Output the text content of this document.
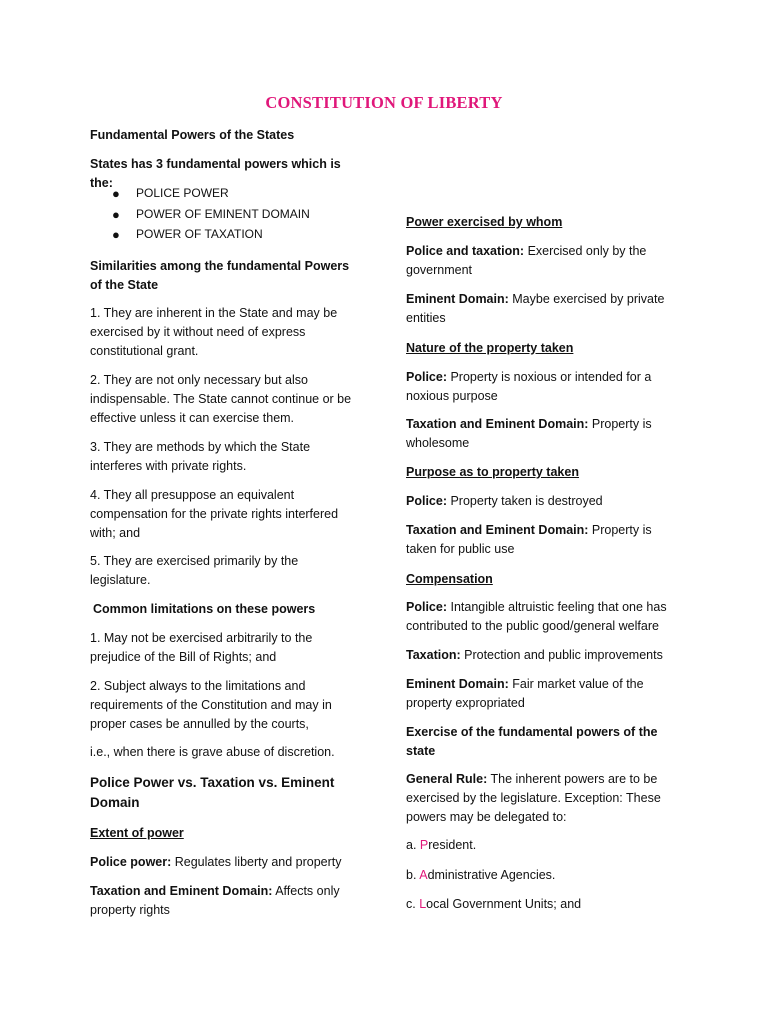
CONSTITUTION OF LIBERTY

Fundamental Powers of the States

States has 3 fundamental powers which is the:

● POLICE POWER
● POWER OF EMINENT DOMAIN
● POWER OF TAXATION

Similarities among the fundamental Powers of the State

1. They are inherent in the State and may be exercised by it without need of express constitutional grant.

2. They are not only necessary but also indispensable. The State cannot continue or be effective unless it can exercise them.

3. They are methods by which the State interferes with private rights.

4. They all presuppose an equivalent compensation for the private rights interfered with; and

5. They are exercised primarily by the legislature.

Common limitations on these powers

1. May not be exercised arbitrarily to the prejudice of the Bill of Rights; and

2. Subject always to the limitations and requirements of the Constitution and may in proper cases be annulled by the courts,

i.e., when there is grave abuse of discretion.

Police Power vs. Taxation vs. Eminent Domain

Extent of power

Police power: Regulates liberty and property

Taxation and Eminent Domain: Affects only property rights

Power exercised by whom

Police and taxation: Exercised only by the government

Eminent Domain: Maybe exercised by private entities

Nature of the property taken

Police: Property is noxious or intended for a noxious purpose

Taxation and Eminent Domain: Property is wholesome

Purpose as to property taken

Police: Property taken is destroyed

Taxation and Eminent Domain: Property is taken for public use

Compensation

Police: Intangible altruistic feeling that one has contributed to the public good/general welfare

Taxation: Protection and public improvements

Eminent Domain: Fair market value of the property expropriated

Exercise of the fundamental powers of the state

General Rule: The inherent powers are to be exercised by the legislature. Exception: These powers may be delegated to:

a. President.

b. Administrative Agencies.

c. Local Government Units; and
